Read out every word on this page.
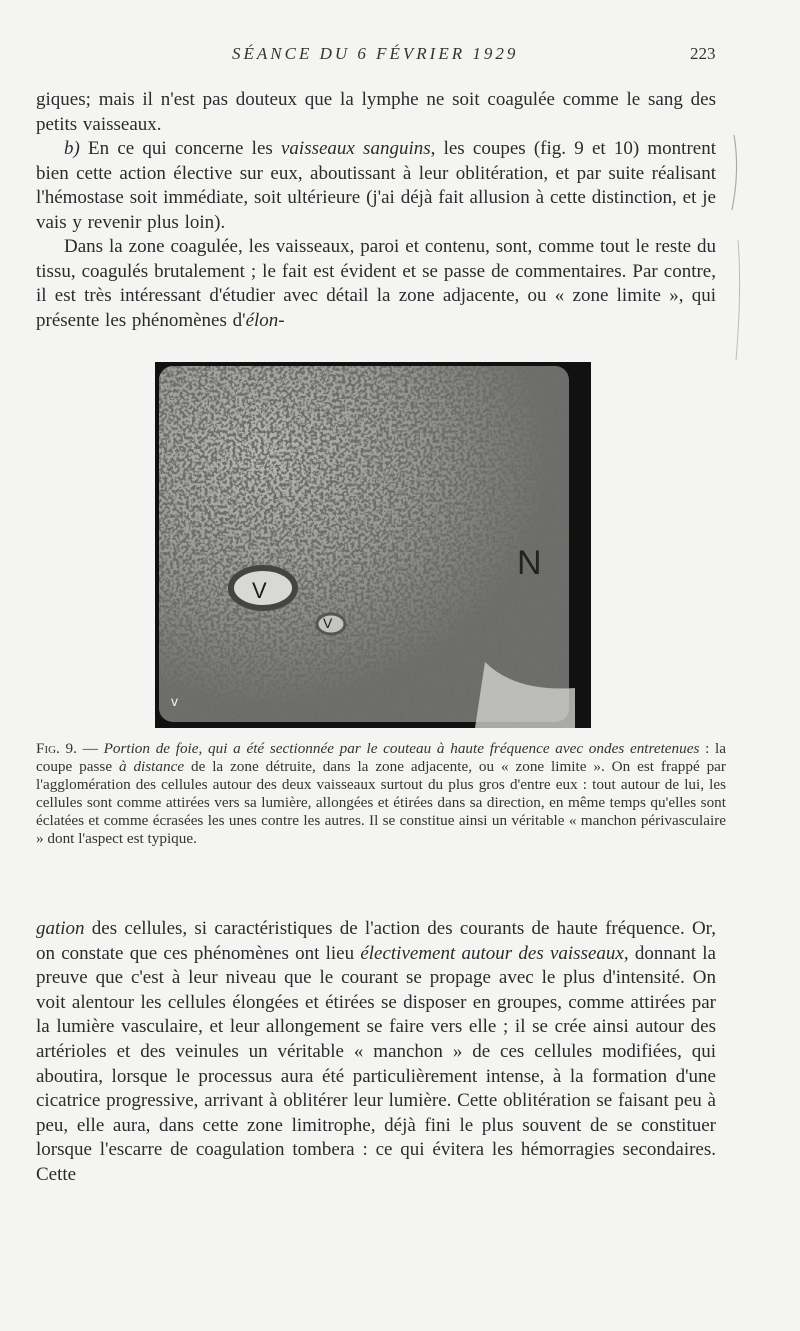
SÉANCE DU 6 FÉVRIER 1929	223

giques; mais il n'est pas douteux que la lymphe ne soit coagulée comme le sang des petits vaisseaux.

b) En ce qui concerne les vaisseaux sanguins, les coupes (fig. 9 et 10) montrent bien cette action élective sur eux, aboutissant à leur oblitération, et par suite réalisant l'hémostase soit immédiate, soit ultérieure (j'ai déjà fait allusion à cette distinction, et je vais y revenir plus loin).

Dans la zone coagulée, les vaisseaux, paroi et contenu, sont, comme tout le reste du tissu, coagulés brutalement ; le fait est évident et se passe de commentaires. Par contre, il est très intéressant d'étudier avec détail la zone adjacente, ou « zone limite », qui présente les phénomènes d'élon-

V
V
v
N
Fig. 9. — Portion de foie, qui a été sectionnée par le couteau à haute fréquence avec ondes entretenues : la coupe passe à distance de la zone détruite, dans la zone adjacente, ou « zone limite ». On est frappé par l'agglomération des cellules autour des deux vaisseaux surtout du plus gros d'entre eux : tout autour de lui, les cellules sont comme attirées vers sa lumière, allongées et étirées dans sa direction, en même temps qu'elles sont éclatées et comme écrasées les unes contre les autres. Il se constitue ainsi un véritable « manchon périvasculaire » dont l'aspect est typique.

gation des cellules, si caractéristiques de l'action des courants de haute fréquence. Or, on constate que ces phénomènes ont lieu électivement autour des vaisseaux, donnant la preuve que c'est à leur niveau que le courant se propage avec le plus d'intensité. On voit alentour les cellules élongées et étirées se disposer en groupes, comme attirées par la lumière vasculaire, et leur allongement se faire vers elle ; il se crée ainsi autour des artérioles et des veinules un véritable « manchon » de ces cellules modifiées, qui aboutira, lorsque le processus aura été particulièrement intense, à la formation d'une cicatrice progressive, arrivant à oblitérer leur lumière. Cette oblitération se faisant peu à peu, elle aura, dans cette zone limitrophe, déjà fini le plus souvent de se constituer lorsque l'escarre de coagulation tombera : ce qui évitera les hémorragies secondaires. Cette
